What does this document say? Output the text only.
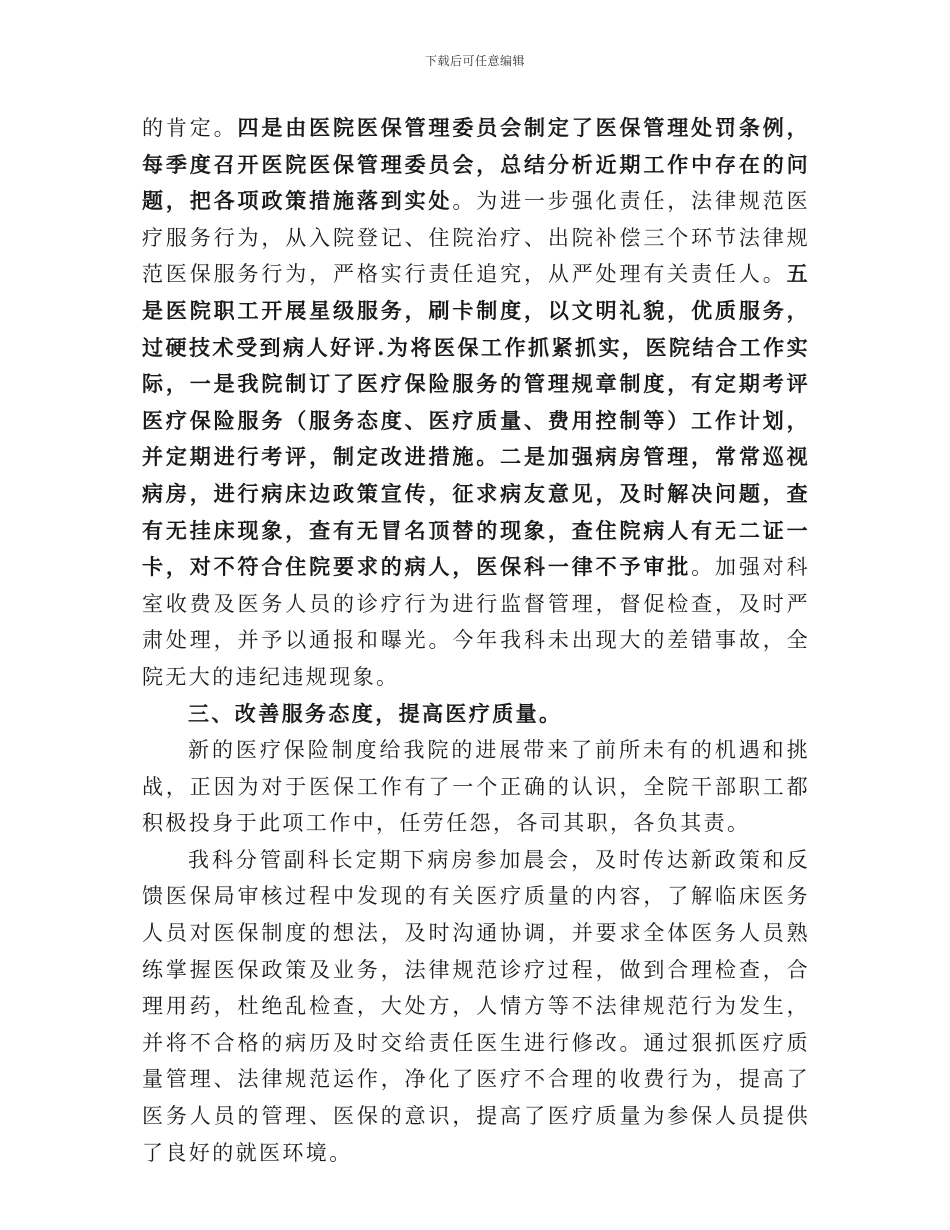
下载后可任意编辑

的肯定。四是由医院医保管理委员会制定了医保管理处罚条例，每季度召开医院医保管理委员会，总结分析近期工作中存在的问题，把各项政策措施落到实处。为进一步强化责任，法律规范医疗服务行为，从入院登记、住院治疗、出院补偿三个环节法律规范医保服务行为，严格实行责任追究，从严处理有关责任人。五是医院职工开展星级服务，刷卡制度，以文明礼貌，优质服务，过硬技术受到病人好评.为将医保工作抓紧抓实，医院结合工作实际，一是我院制订了医疗保险服务的管理规章制度，有定期考评医疗保险服务（服务态度、医疗质量、费用控制等）工作计划，并定期进行考评，制定改进措施。二是加强病房管理，常常巡视病房，进行病床边政策宣传，征求病友意见，及时解决问题，查有无挂床现象，查有无冒名顶替的现象，查住院病人有无二证一卡，对不符合住院要求的病人，医保科一律不予审批。加强对科室收费及医务人员的诊疗行为进行监督管理，督促检查，及时严肃处理，并予以通报和曝光。今年我科未出现大的差错事故，全院无大的违纪违规现象。

三、改善服务态度，提高医疗质量。

新的医疗保险制度给我院的进展带来了前所未有的机遇和挑战，正因为对于医保工作有了一个正确的认识，全院干部职工都积极投身于此项工作中，任劳任怨，各司其职，各负其责。

我科分管副科长定期下病房参加晨会，及时传达新政策和反馈医保局审核过程中发现的有关医疗质量的内容，了解临床医务人员对医保制度的想法，及时沟通协调，并要求全体医务人员熟练掌握医保政策及业务，法律规范诊疗过程，做到合理检查，合理用药，杜绝乱检查，大处方，人情方等不法律规范行为发生，并将不合格的病历及时交给责任医生进行修改。通过狠抓医疗质量管理、法律规范运作，净化了医疗不合理的收费行为，提高了医务人员的管理、医保的意识，提高了医疗质量为参保人员提供了良好的就医环境。
